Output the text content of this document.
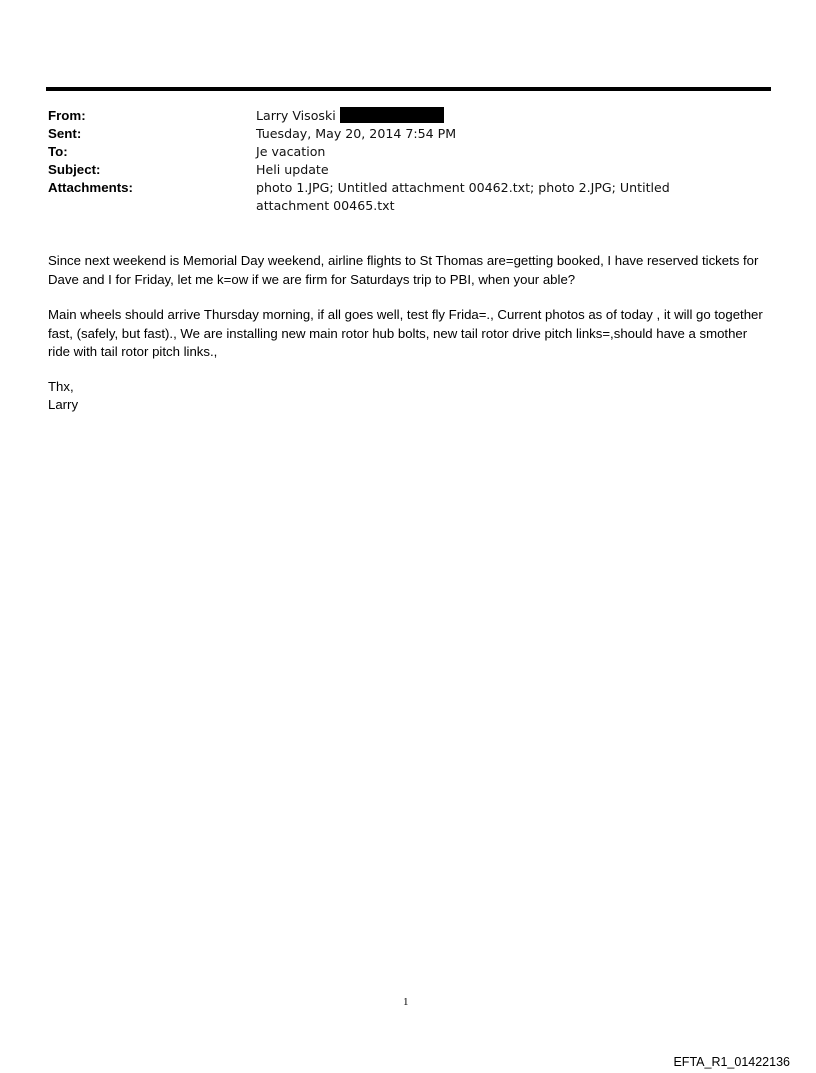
From:	Larry Visoski
Sent:	Tuesday, May 20, 2014 7:54 PM
To:	Je vacation
Subject:	Heli update
Attachments:	photo 1.JPG; Untitled attachment 00462.txt; photo 2.JPG; Untitled attachment 00465.txt

Since next weekend is Memorial Day weekend, airline flights to St Thomas are=getting booked, I have reserved tickets for Dave and I for Friday, let me k=ow if we are firm for Saturdays trip to PBI, when your able?

Main wheels should arrive Thursday morning, if all goes well, test fly Frida=., Current photos as of today , it will go together fast, (safely, but fast)., We are installing new main rotor hub bolts, new tail rotor drive pitch links=,should have a smother ride with tail rotor pitch links.,

Thx,

Larry

1
EFTA_R1_01422136
